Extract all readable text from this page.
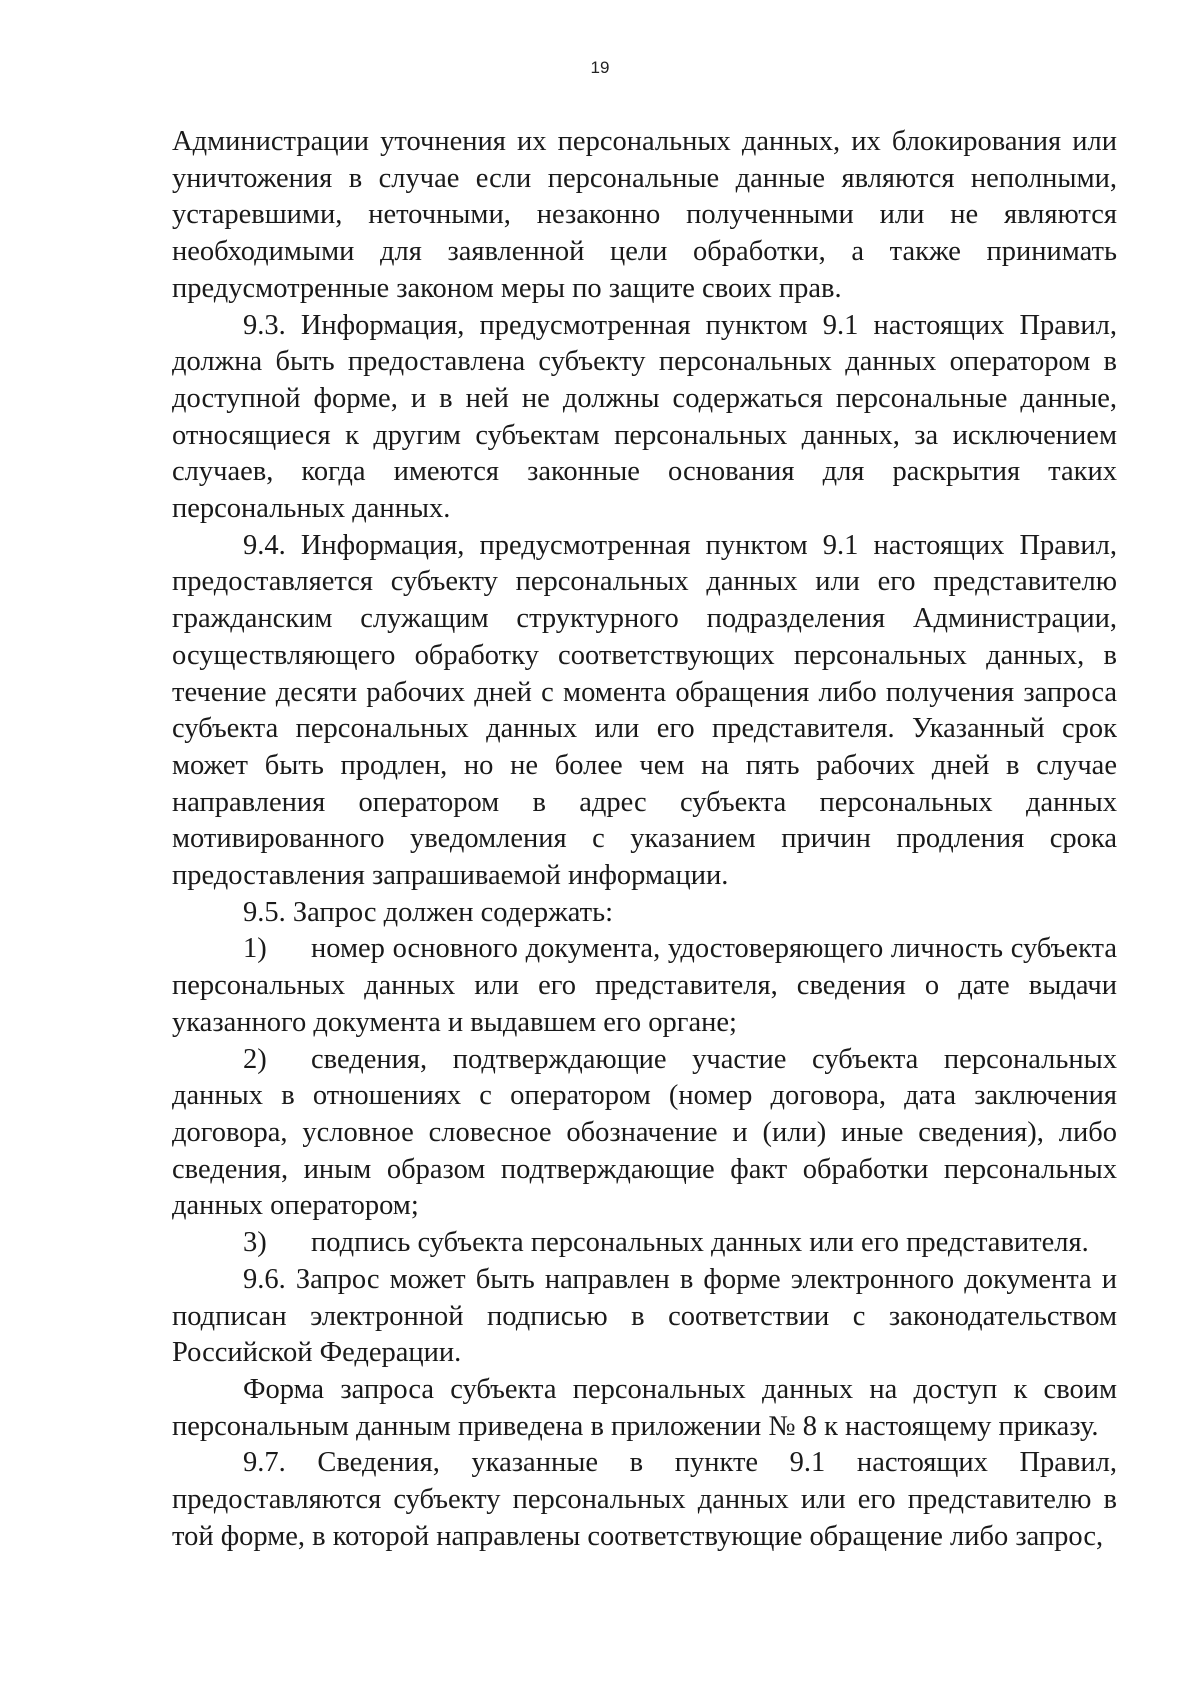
19

Администрации уточнения их персональных данных, их блокирования или уничтожения в случае если персональные данные являются неполными, устаревшими, неточными, незаконно полученными или не являются необходимыми для заявленной цели обработки, а также принимать предусмотренные законом меры по защите своих прав.

9.3. Информация, предусмотренная пунктом 9.1 настоящих Правил, должна быть предоставлена субъекту персональных данных оператором в доступной форме, и в ней не должны содержаться персональные данные, относящиеся к другим субъектам персональных данных, за исключением случаев, когда имеются законные основания для раскрытия таких персональных данных.

9.4. Информация, предусмотренная пунктом 9.1 настоящих Правил, предоставляется субъекту персональных данных или его представителю гражданским служащим структурного подразделения Администрации, осуществляющего обработку соответствующих персональных данных, в течение десяти рабочих дней с момента обращения либо получения запроса субъекта персональных данных или его представителя. Указанный срок может быть продлен, но не более чем на пять рабочих дней в случае направления оператором в адрес субъекта персональных данных мотивированного уведомления с указанием причин продления срока предоставления запрашиваемой информации.

9.5. Запрос должен содержать:

1) номер основного документа, удостоверяющего личность субъекта персональных данных или его представителя, сведения о дате выдачи указанного документа и выдавшем его органе;

2) сведения, подтверждающие участие субъекта персональных данных в отношениях с оператором (номер договора, дата заключения договора, условное словесное обозначение и (или) иные сведения), либо сведения, иным образом подтверждающие факт обработки персональных данных оператором;

3) подпись субъекта персональных данных или его представителя.

9.6. Запрос может быть направлен в форме электронного документа и подписан электронной подписью в соответствии с законодательством Российской Федерации.

Форма запроса субъекта персональных данных на доступ к своим персональным данным приведена в приложении № 8 к настоящему приказу.

9.7. Сведения, указанные в пункте 9.1 настоящих Правил, предоставляются субъекту персональных данных или его представителю в той форме, в которой направлены соответствующие обращение либо запрос,
